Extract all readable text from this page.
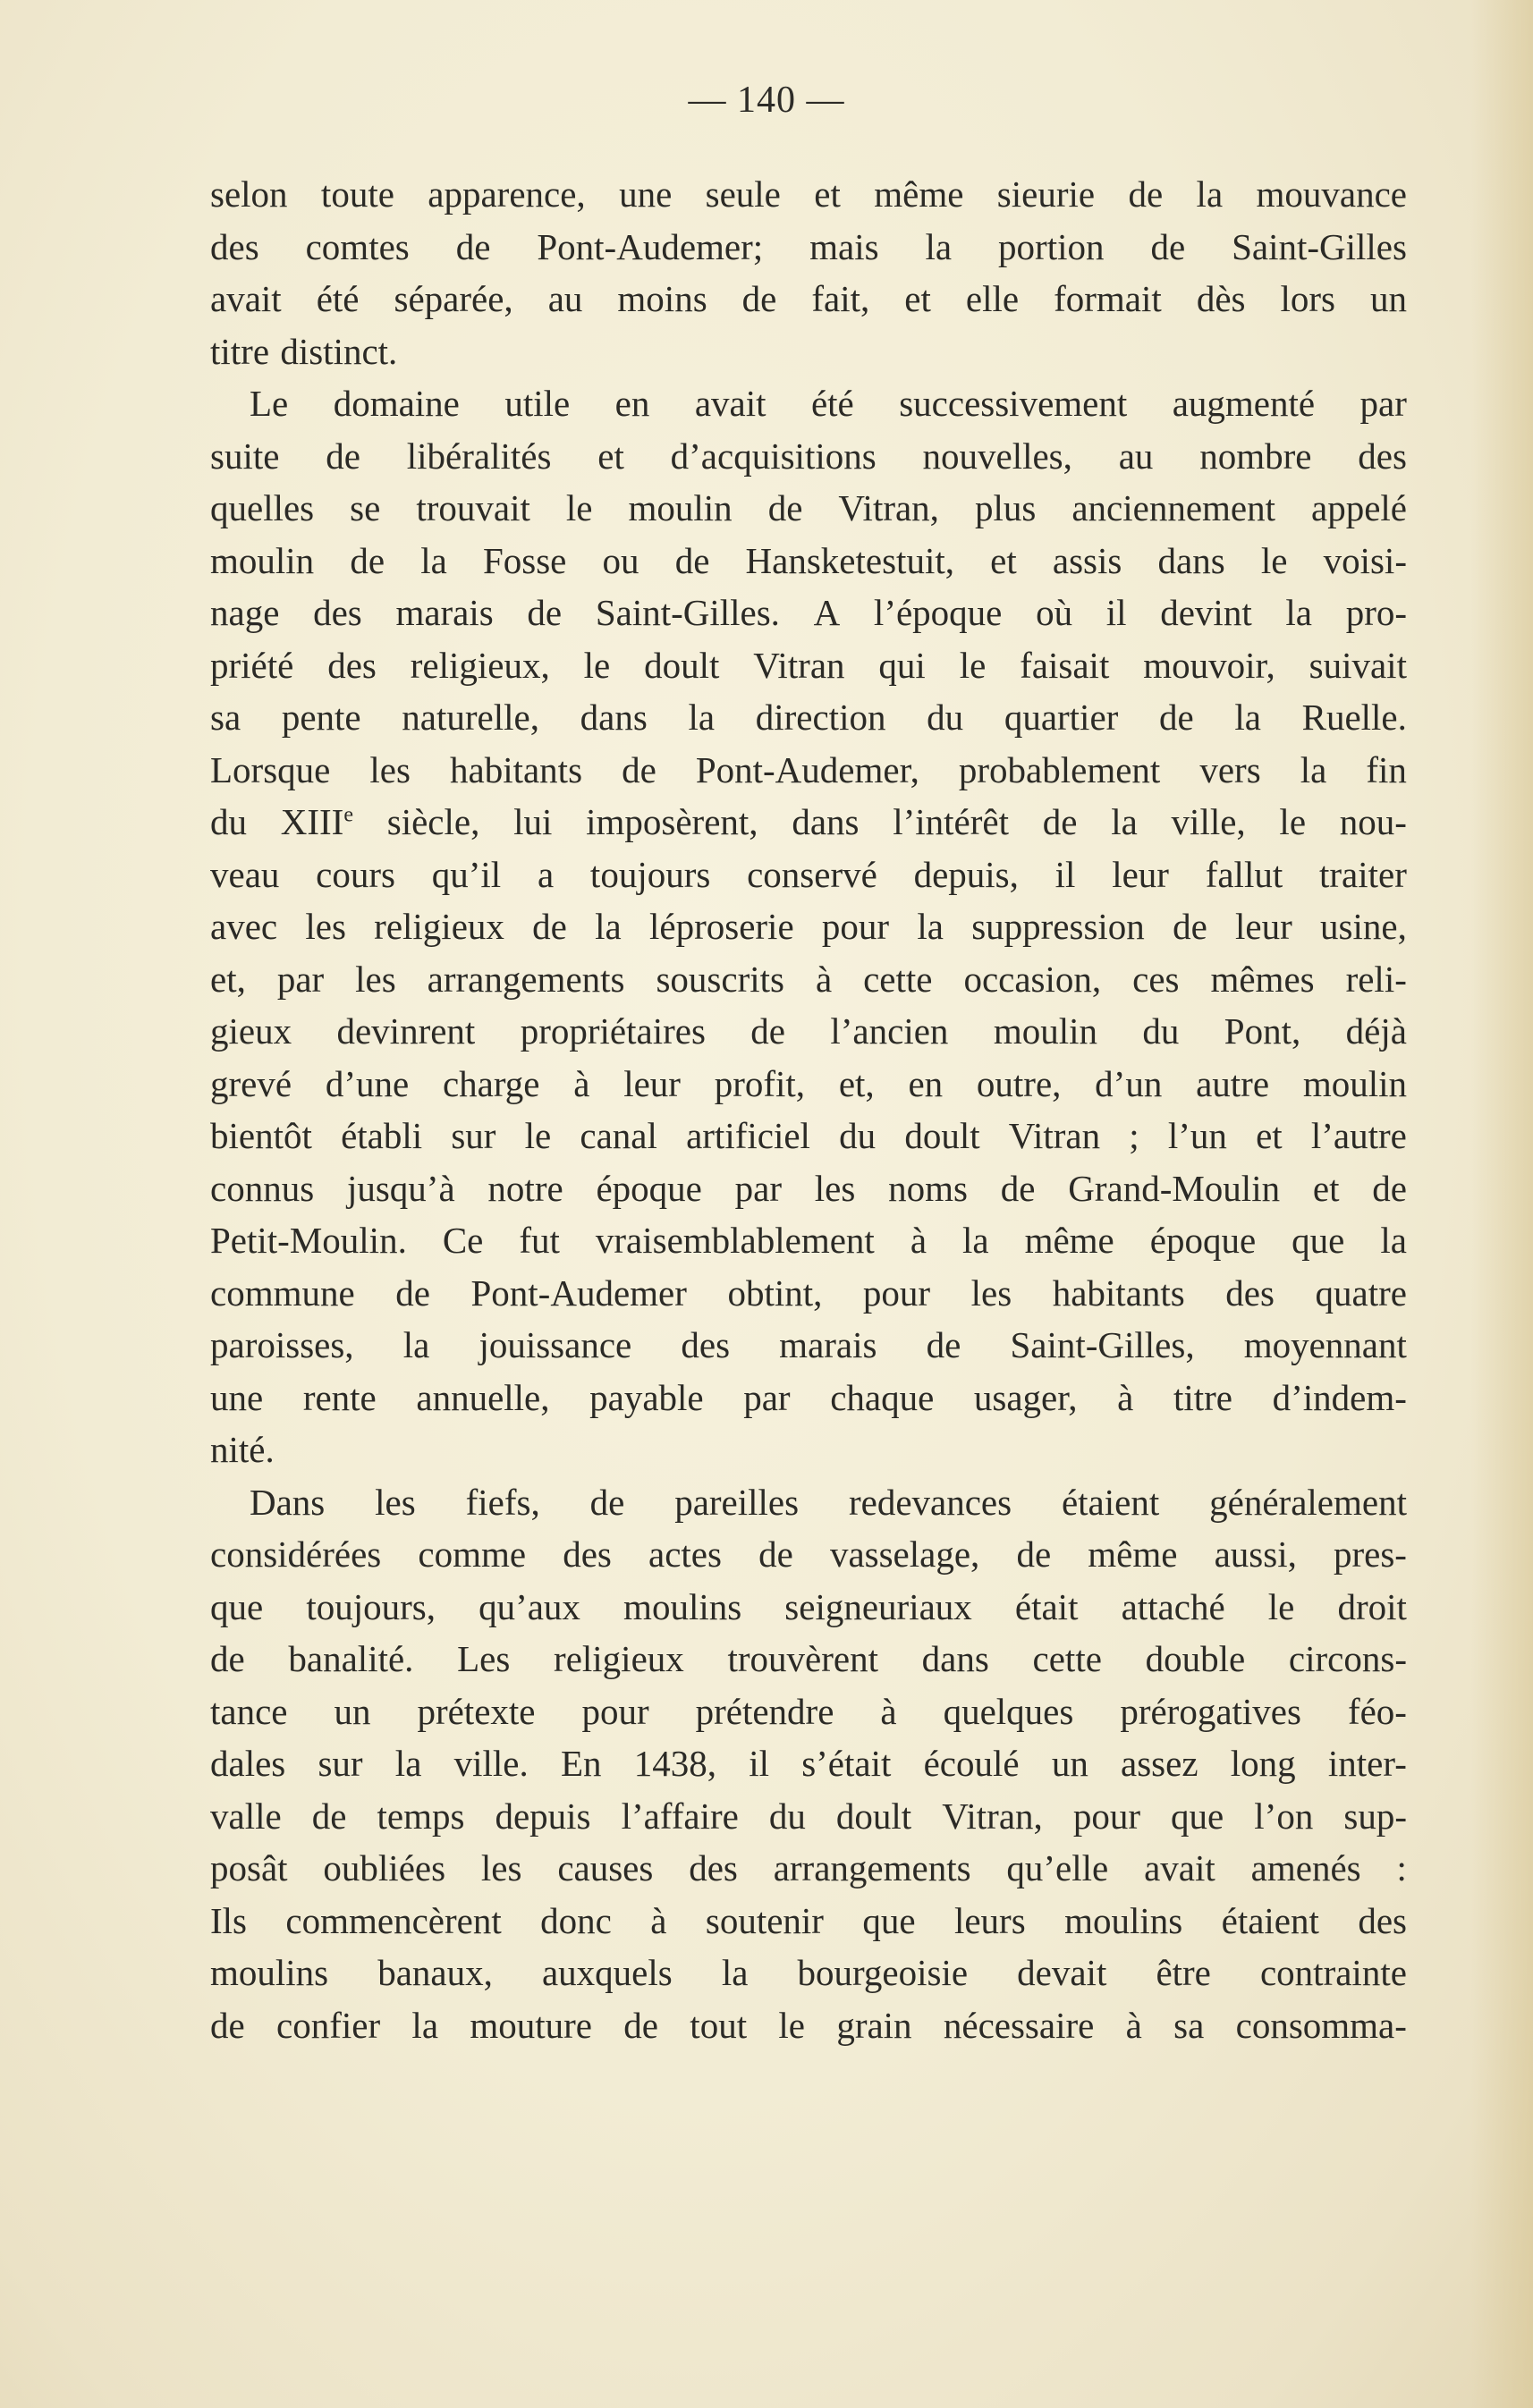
— 140 —
selon toute apparence, une seule et même sieurie de la mouvance
des comtes de Pont-Audemer; mais la portion de Saint-Gilles
avait été séparée, au moins de fait, et elle formait dès lors un
titre distinct.
Le domaine utile en avait été successivement augmenté par
suite de libéralités et d’acquisitions nouvelles, au nombre des
quelles se trouvait le moulin de Vitran, plus anciennement appelé
moulin de la Fosse ou de Hansketestuit, et assis dans le voisi-
nage des marais de Saint-Gilles. A l’époque où il devint la pro-
priété des religieux, le doult Vitran qui le faisait mouvoir, suivait
sa pente naturelle, dans la direction du quartier de la Ruelle.
Lorsque les habitants de Pont-Audemer, probablement vers la fin
du XIIIe siècle, lui imposèrent, dans l’intérêt de la ville, le nou-
veau cours qu’il a toujours conservé depuis, il leur fallut traiter
avec les religieux de la léproserie pour la suppression de leur usine,
et, par les arrangements souscrits à cette occasion, ces mêmes reli-
gieux devinrent propriétaires de l’ancien moulin du Pont, déjà
grevé d’une charge à leur profit, et, en outre, d’un autre moulin
bientôt établi sur le canal artificiel du doult Vitran ; l’un et l’autre
connus jusqu’à notre époque par les noms de Grand-Moulin et de
Petit-Moulin. Ce fut vraisemblablement à la même époque que la
commune de Pont-Audemer obtint, pour les habitants des quatre
paroisses, la jouissance des marais de Saint-Gilles, moyennant
une rente annuelle, payable par chaque usager, à titre d’indem-
nité.
Dans les fiefs, de pareilles redevances étaient généralement
considérées comme des actes de vasselage, de même aussi, pres-
que toujours, qu’aux moulins seigneuriaux était attaché le droit
de banalité. Les religieux trouvèrent dans cette double circons-
tance un prétexte pour prétendre à quelques prérogatives féo-
dales sur la ville. En 1438, il s’était écoulé un assez long inter-
valle de temps depuis l’affaire du doult Vitran, pour que l’on sup-
posât oubliées les causes des arrangements qu’elle avait amenés :
Ils commencèrent donc à soutenir que leurs moulins étaient des
moulins banaux, auxquels la bourgeoisie devait être contrainte
de confier la mouture de tout le grain nécessaire à sa consomma-
